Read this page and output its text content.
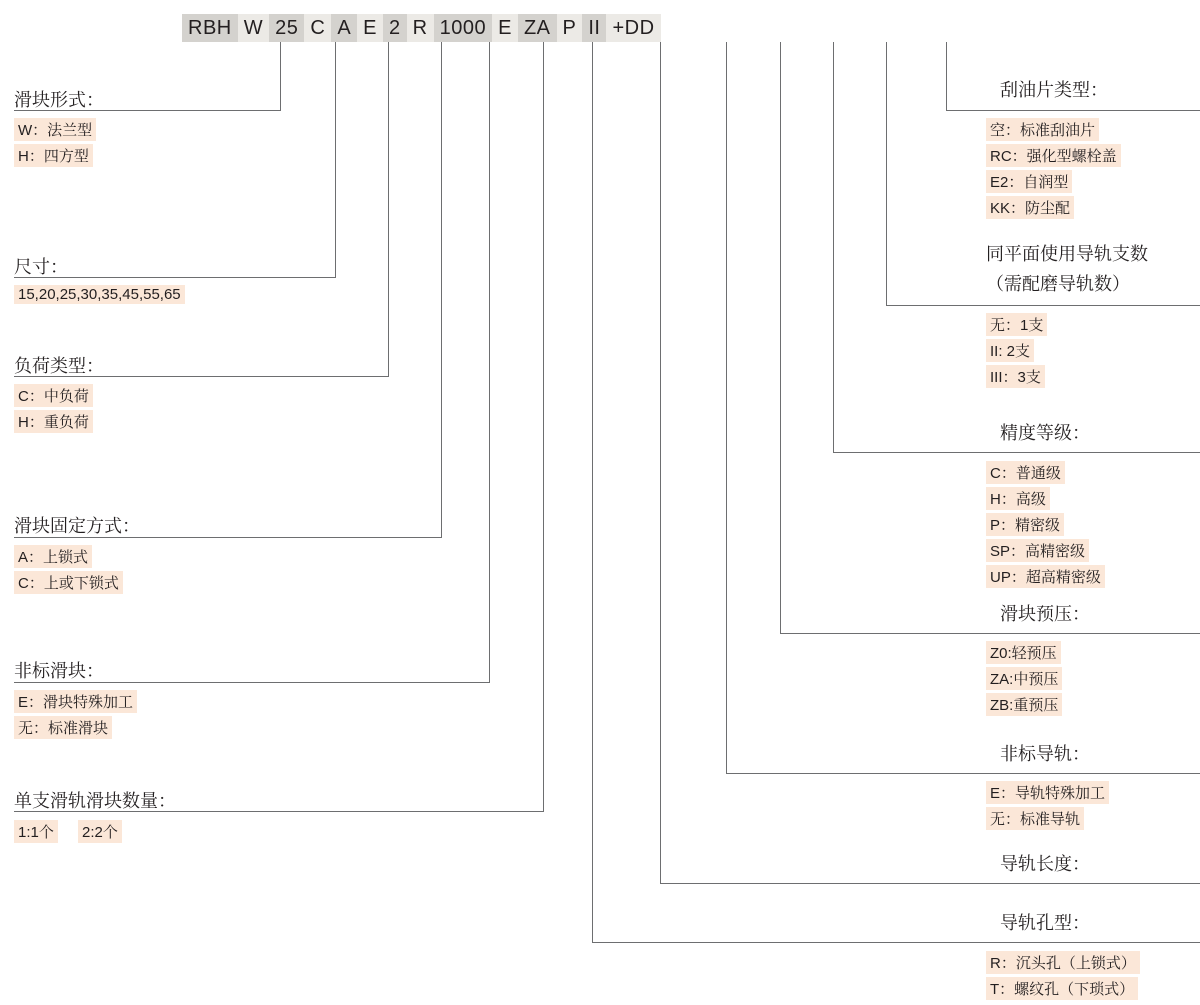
RBH W 25 C A E 2 R 1000 E ZA P II +DD
滑块形式：
W：法兰型
H：四方型
尺寸：
15,20,25,30,35,45,55,65
负荷类型：
C：中负荷
H：重负荷
滑块固定方式：
A：上锁式
C：上或下锁式
非标滑块：
E：滑块特殊加工
无：标准滑块
单支滑轨滑块数量：
1:1个 2:2个
刮油片类型：
空：标准刮油片
RC：强化型螺栓盖
E2：自润型
KK：防尘配
同平面使用导轨支数
（需配磨导轨数）
无：1支
II: 2支
III：3支
精度等级：
C：普通级
H：高级
P：精密级
SP：高精密级
UP：超高精密级
滑块预压：
Z0:轻预压
ZA:中预压
ZB:重预压
非标导轨：
E：导轨特殊加工
无：标准导轨
导轨长度：
导轨孔型：
R：沉头孔（上锁式）
T：螺纹孔（下琐式）
